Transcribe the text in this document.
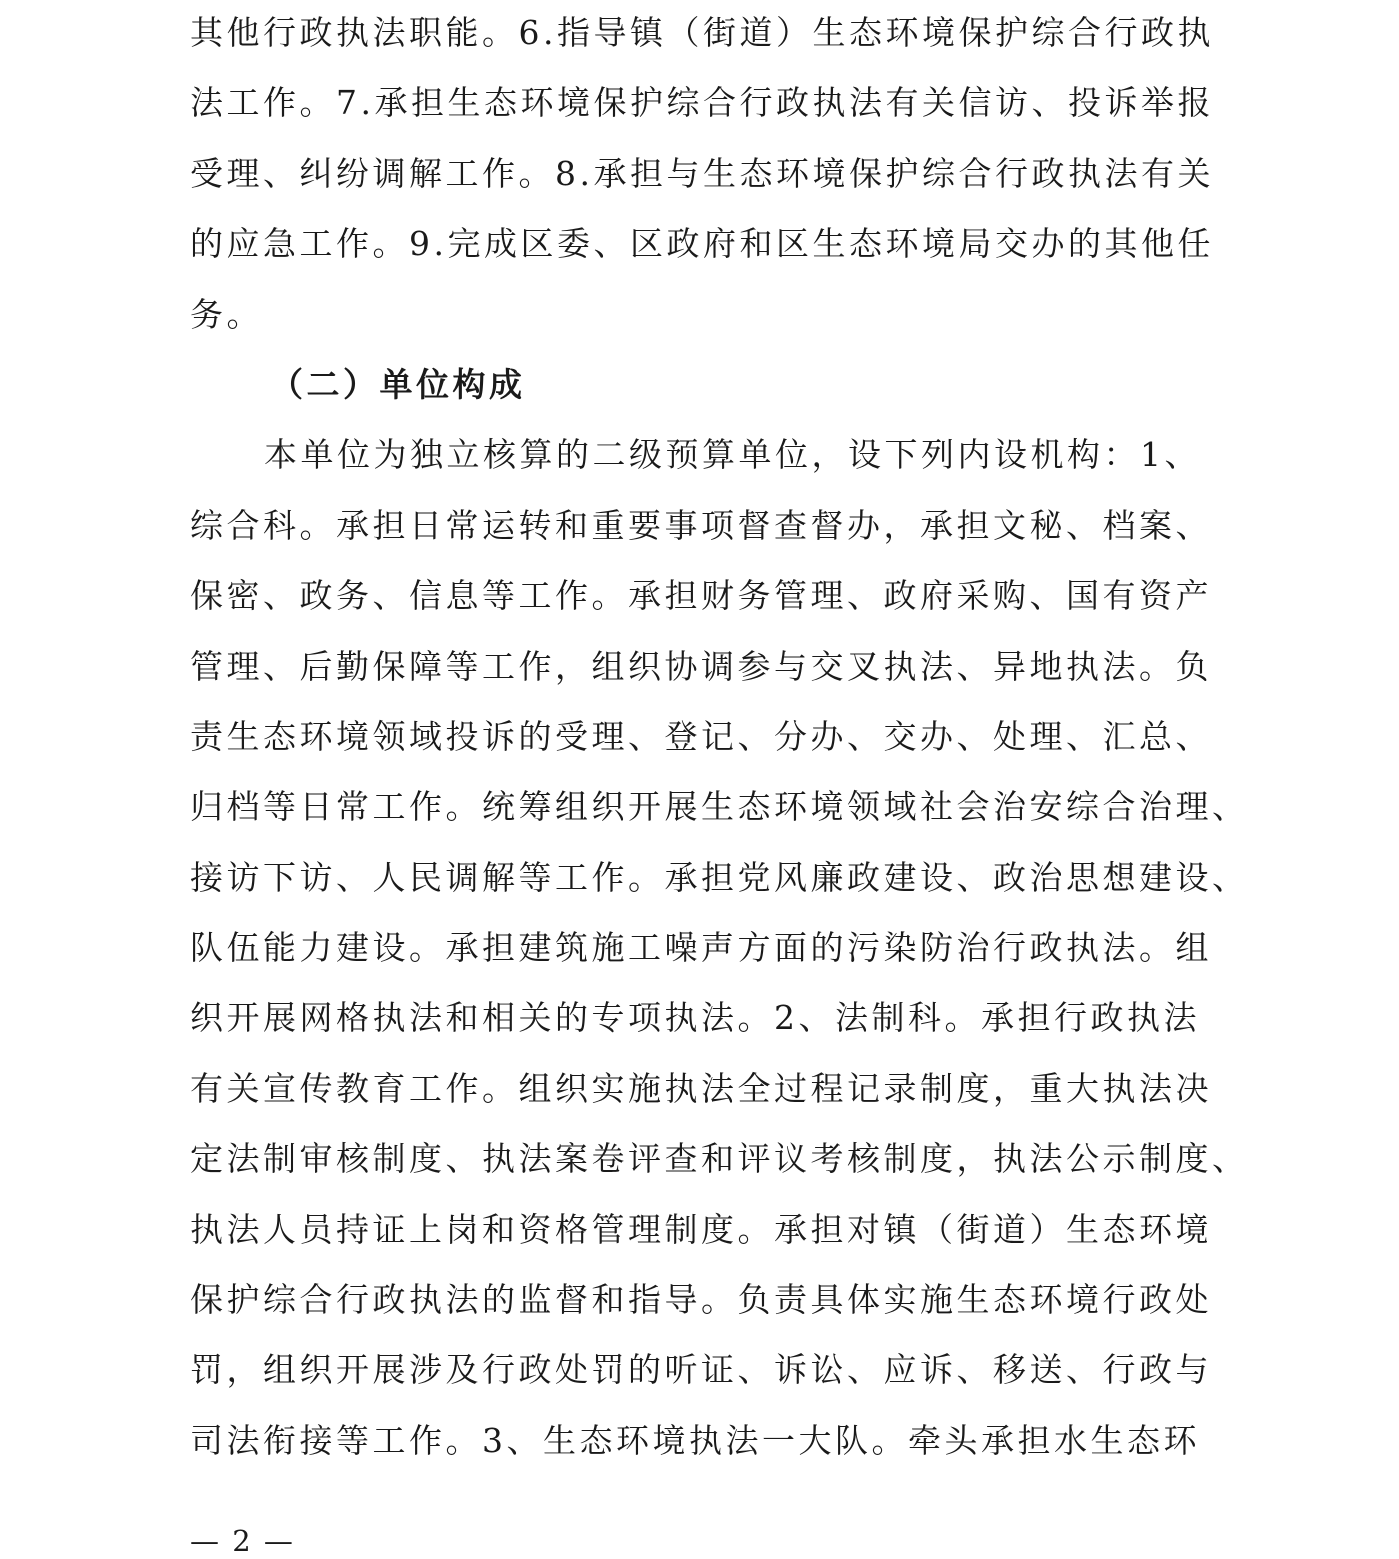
其他行政执法职能。6.指导镇（街道）生态环境保护综合行政执
法工作。7.承担生态环境保护综合行政执法有关信访、投诉举报
受理、纠纷调解工作。8.承担与生态环境保护综合行政执法有关
的应急工作。9.完成区委、区政府和区生态环境局交办的其他任
务。
（二）单位构成
本单位为独立核算的二级预算单位，设下列内设机构：1、
综合科。承担日常运转和重要事项督查督办，承担文秘、档案、
保密、政务、信息等工作。承担财务管理、政府采购、国有资产
管理、后勤保障等工作，组织协调参与交叉执法、异地执法。负
责生态环境领域投诉的受理、登记、分办、交办、处理、汇总、
归档等日常工作。统筹组织开展生态环境领域社会治安综合治理、
接访下访、人民调解等工作。承担党风廉政建设、政治思想建设、
队伍能力建设。承担建筑施工噪声方面的污染防治行政执法。组
织开展网格执法和相关的专项执法。2、法制科。承担行政执法
有关宣传教育工作。组织实施执法全过程记录制度，重大执法决
定法制审核制度、执法案卷评查和评议考核制度，执法公示制度、
执法人员持证上岗和资格管理制度。承担对镇（街道）生态环境
保护综合行政执法的监督和指导。负责具体实施生态环境行政处
罚，组织开展涉及行政处罚的听证、诉讼、应诉、移送、行政与
司法衔接等工作。3、生态环境执法一大队。牵头承担水生态环
— 2 —
